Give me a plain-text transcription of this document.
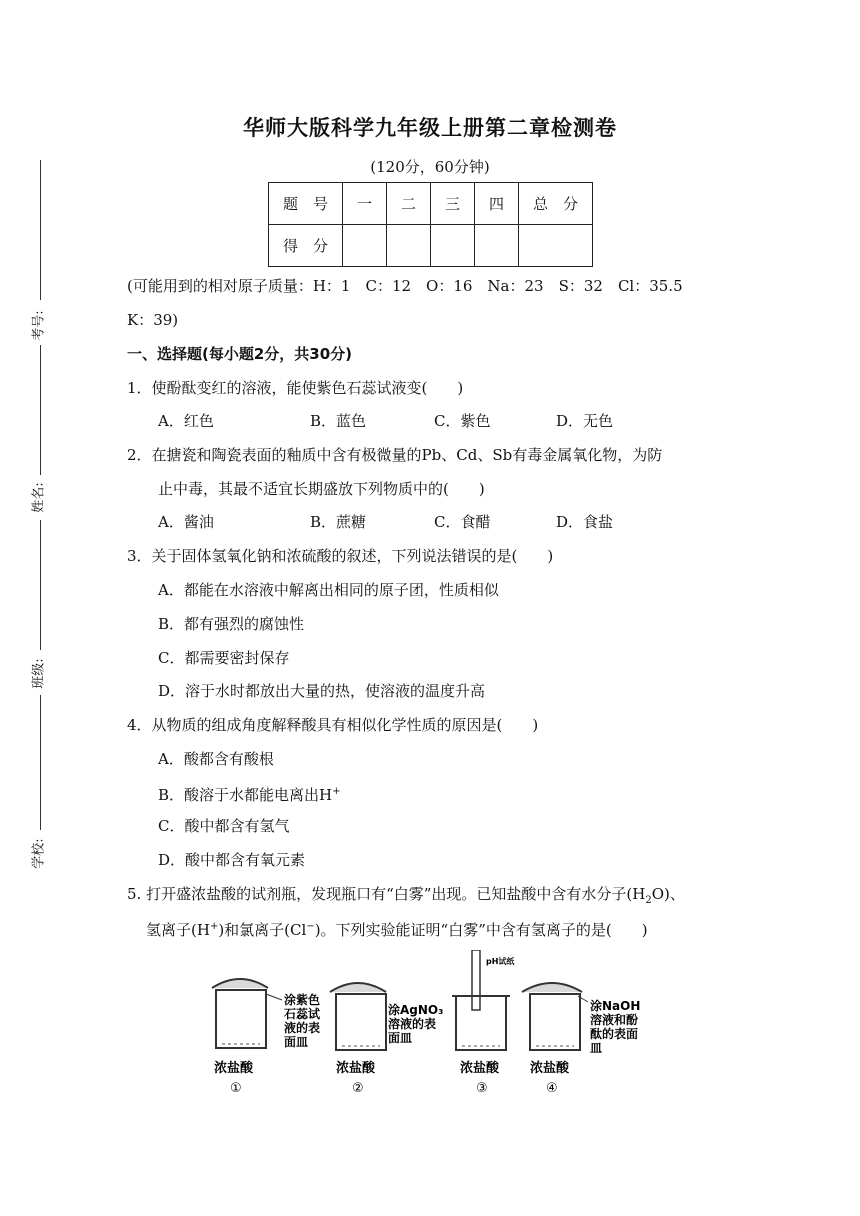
考号:
姓名:
班级:
学校:
华师大版科学九年级上册第二章检测卷
(120分，60分钟)
题　号	一	二	三	四	总　分
得　分					
(可能用到的相对原子质量：H：1　C：12　O：16　Na：23　S：32　Cl：35.5
K：39)
一、选择题(每小题2分，共30分)
1．使酚酞变红的溶液，能使紫色石蕊试液变(　　)
A．红色	B．蓝色	C．紫色	D．无色
2．在搪瓷和陶瓷表面的釉质中含有极微量的Pb、Cd、Sb有毒金属氧化物，为防
止中毒，其最不适宜长期盛放下列物质中的(　　)
A．酱油	B．蔗糖	C．食醋	D．食盐
3．关于固体氢氧化钠和浓硫酸的叙述，下列说法错误的是(　　)
A．都能在水溶液中解离出相同的原子团，性质相似
B．都有强烈的腐蚀性
C．都需要密封保存
D．溶于水时都放出大量的热，使溶液的温度升高
4．从物质的组成角度解释酸具有相似化学性质的原因是(　　)
A．酸都含有酸根
B．酸溶于水都能电离出H+
C．酸中都含有氢气
D．酸中都含有氧元素
5. 打开盛浓盐酸的试剂瓶，发现瓶口有“白雾”出现。已知盐酸中含有水分子$(H_2O)$、
氢离子(H+)和氯离子(Cl−)。下列实验能证明“白雾”中含有氢离子的是(　　)
涂紫色
石蕊试
液的表
面皿
浓盐酸
①
涂AgNO₃
溶液的表
面皿
浓盐酸
②
pH试纸
浓盐酸
③
涂NaOH
溶液和酚
酞的表面
皿
浓盐酸
④
